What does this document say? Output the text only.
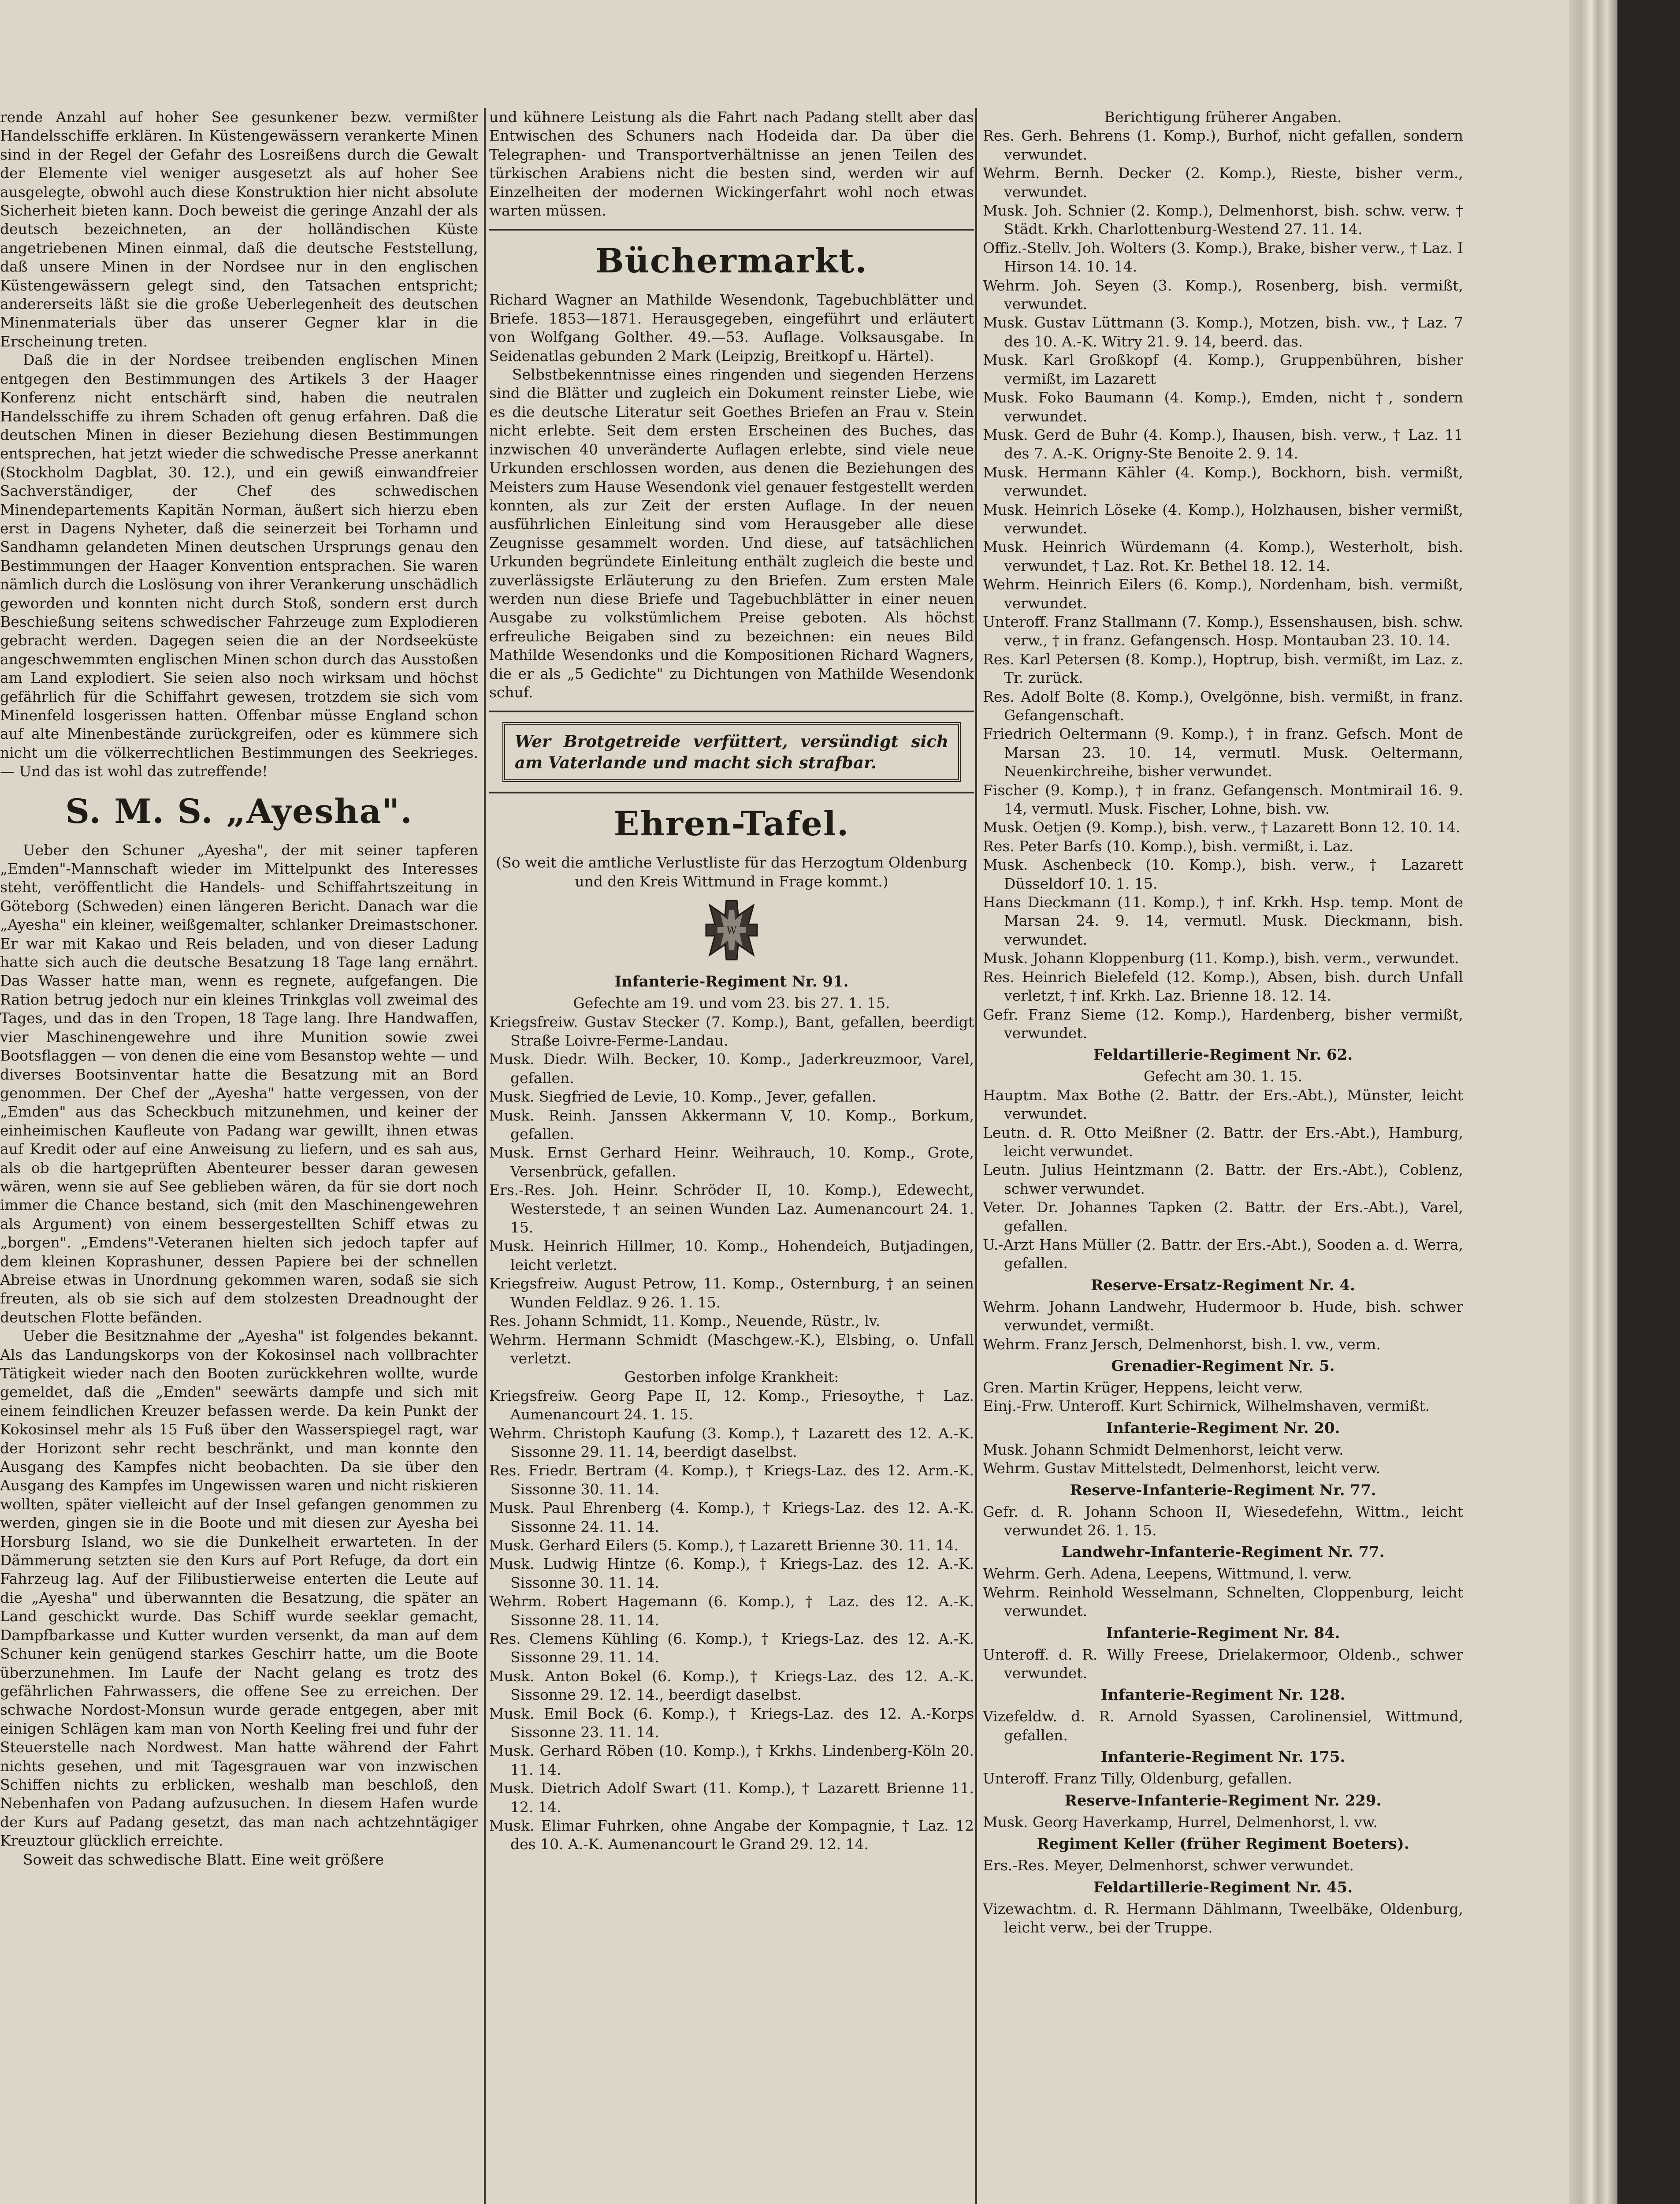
rende Anzahl auf hoher See gesunkener bezw. vermißter Handelsschiffe erklären. In Küstengewässern verankerte Minen sind in der Regel der Gefahr des Losreißens durch die Gewalt der Elemente viel weniger ausgesetzt als auf hoher See ausgelegte, obwohl auch diese Konstruktion hier nicht absolute Sicherheit bieten kann. Doch beweist die geringe Anzahl der als deutsch bezeichneten, an der holländischen Küste angetriebenen Minen einmal, daß die deutsche Feststellung, daß unsere Minen in der Nordsee nur in den englischen Küstengewässern gelegt sind, den Tatsachen entspricht; andererseits läßt sie die große Ueberlegenheit des deutschen Minenmaterials über das unserer Gegner klar in die Erscheinung treten.

Daß die in der Nordsee treibenden englischen Minen entgegen den Bestimmungen des Artikels 3 der Haager Konferenz nicht entschärft sind, haben die neutralen Handelsschiffe zu ihrem Schaden oft genug erfahren. Daß die deutschen Minen in dieser Beziehung diesen Bestimmungen entsprechen, hat jetzt wieder die schwedische Presse anerkannt (Stockholm Dagblat, 30. 12.), und ein gewiß einwandfreier Sachverständiger, der Chef des schwedischen Minendepartements Kapitän Norman, äußert sich hierzu eben erst in Dagens Nyheter, daß die seinerzeit bei Torhamn und Sandhamn gelandeten Minen deutschen Ursprungs genau den Bestimmungen der Haager Konvention entsprachen. Sie waren nämlich durch die Loslösung von ihrer Verankerung unschädlich geworden und konnten nicht durch Stoß, sondern erst durch Beschießung seitens schwedischer Fahrzeuge zum Explodieren gebracht werden. Dagegen seien die an der Nordseeküste angeschwemmten englischen Minen schon durch das Ausstoßen am Land explodiert. Sie seien also noch wirksam und höchst gefährlich für die Schiffahrt gewesen, trotzdem sie sich vom Minenfeld losgerissen hatten. Offenbar müsse England schon auf alte Minenbestände zurückgreifen, oder es kümmere sich nicht um die völkerrechtlichen Bestimmungen des Seekrieges. — Und das ist wohl das zutreffende!

S. M. S. „Ayesha".

Ueber den Schuner „Ayesha", der mit seiner tapferen „Emden"-Mannschaft wieder im Mittelpunkt des Interesses steht, veröffentlicht die Handels- und Schiffahrtszeitung in Göteborg (Schweden) einen längeren Bericht. Danach war die „Ayesha" ein kleiner, weißgemalter, schlanker Dreimastschoner. Er war mit Kakao und Reis beladen, und von dieser Ladung hatte sich auch die deutsche Besatzung 18 Tage lang ernährt. Das Wasser hatte man, wenn es regnete, aufgefangen. Die Ration betrug jedoch nur ein kleines Trinkglas voll zweimal des Tages, und das in den Tropen, 18 Tage lang. Ihre Handwaffen, vier Maschinengewehre und ihre Munition sowie zwei Bootsflaggen — von denen die eine vom Besanstop wehte — und diverses Bootsinventar hatte die Besatzung mit an Bord genommen. Der Chef der „Ayesha" hatte vergessen, von der „Emden" aus das Scheckbuch mitzunehmen, und keiner der einheimischen Kaufleute von Padang war gewillt, ihnen etwas auf Kredit oder auf eine Anweisung zu liefern, und es sah aus, als ob die hartgeprüften Abenteurer besser daran gewesen wären, wenn sie auf See geblieben wären, da für sie dort noch immer die Chance bestand, sich (mit den Maschinengewehren als Argument) von einem bessergestellten Schiff etwas zu „borgen". „Emdens"-Veteranen hielten sich jedoch tapfer auf dem kleinen Koprashuner, dessen Papiere bei der schnellen Abreise etwas in Unordnung gekommen waren, sodaß sie sich freuten, als ob sie sich auf dem stolzesten Dreadnought der deutschen Flotte befänden.

Ueber die Besitznahme der „Ayesha" ist folgendes bekannt. Als das Landungskorps von der Kokosinsel nach vollbrachter Tätigkeit wieder nach den Booten zurückkehren wollte, wurde gemeldet, daß die „Emden" seewärts dampfe und sich mit einem feindlichen Kreuzer befassen werde. Da kein Punkt der Kokosinsel mehr als 15 Fuß über den Wasserspiegel ragt, war der Horizont sehr recht beschränkt, und man konnte den Ausgang des Kampfes nicht beobachten. Da sie über den Ausgang des Kampfes im Ungewissen waren und nicht riskieren wollten, später vielleicht auf der Insel gefangen genommen zu werden, gingen sie in die Boote und mit diesen zur Ayesha bei Horsburg Island, wo sie die Dunkelheit erwarteten. In der Dämmerung setzten sie den Kurs auf Port Refuge, da dort ein Fahrzeug lag. Auf der Filibustierweise enterten die Leute auf die „Ayesha" und überwannten die Besatzung, die später an Land geschickt wurde. Das Schiff wurde seeklar gemacht, Dampfbarkasse und Kutter wurden versenkt, da man auf dem Schuner kein genügend starkes Geschirr hatte, um die Boote überzunehmen. Im Laufe der Nacht gelang es trotz des gefährlichen Fahrwassers, die offene See zu erreichen. Der schwache Nordost-Monsun wurde gerade entgegen, aber mit einigen Schlägen kam man von North Keeling frei und fuhr der Steuerstelle nach Nordwest. Man hatte während der Fahrt nichts gesehen, und mit Tagesgrauen war von inzwischen Schiffen nichts zu erblicken, weshalb man beschloß, den Nebenhafen von Padang aufzusuchen. In diesem Hafen wurde der Kurs auf Padang gesetzt, das man nach achtzehntägiger Kreuztour glücklich erreichte.

Soweit das schwedische Blatt. Eine weit größere

und kühnere Leistung als die Fahrt nach Padang stellt aber das Entwischen des Schuners nach Hodeida dar. Da über die Telegraphen- und Transportverhältnisse an jenen Teilen des türkischen Arabiens nicht die besten sind, werden wir auf Einzelheiten der modernen Wickingerfahrt wohl noch etwas warten müssen.

Büchermarkt.

Richard Wagner an Mathilde Wesendonk, Tagebuchblätter und Briefe. 1853—1871. Herausgegeben, eingeführt und erläutert von Wolfgang Golther. 49.—53. Auflage. Volksausgabe. In Seidenatlas gebunden 2 Mark (Leipzig, Breitkopf u. Härtel).

Selbstbekenntnisse eines ringenden und siegenden Herzens sind die Blätter und zugleich ein Dokument reinster Liebe, wie es die deutsche Literatur seit Goethes Briefen an Frau v. Stein nicht erlebte. Seit dem ersten Erscheinen des Buches, das inzwischen 40 unveränderte Auflagen erlebte, sind viele neue Urkunden erschlossen worden, aus denen die Beziehungen des Meisters zum Hause Wesendonk viel genauer festgestellt werden konnten, als zur Zeit der ersten Auflage. In der neuen ausführlichen Einleitung sind vom Herausgeber alle diese Zeugnisse gesammelt worden. Und diese, auf tatsächlichen Urkunden begründete Einleitung enthält zugleich die beste und zuverlässigste Erläuterung zu den Briefen. Zum ersten Male werden nun diese Briefe und Tagebuchblätter in einer neuen Ausgabe zu volkstümlichem Preise geboten. Als höchst erfreuliche Beigaben sind zu bezeichnen: ein neues Bild Mathilde Wesendonks und die Kompositionen Richard Wagners, die er als „5 Gedichte" zu Dichtungen von Mathilde Wesendonk schuf.

Wer Brotgetreide verfüttert, versündigt sich am Vaterlande und macht sich strafbar.
Ehren-Tafel.

(So weit die amtliche Verlustliste für das Herzogtum Oldenburg und den Kreis Wittmund in Frage kommt.)

W
Infanterie-Regiment Nr. 91.

Gefechte am 19. und vom 23. bis 27. 1. 15.

Kriegsfreiw. Gustav Stecker (7. Komp.), Bant, gefallen, beerdigt Straße Loivre-Ferme-Landau.

Musk. Diedr. Wilh. Becker, 10. Komp., Jaderkreuzmoor, Varel, gefallen.

Musk. Siegfried de Levie, 10. Komp., Jever, gefallen.

Musk. Reinh. Janssen Akkermann V, 10. Komp., Borkum, gefallen.

Musk. Ernst Gerhard Heinr. Weihrauch, 10. Komp., Grote, Versenbrück, gefallen.

Ers.-Res. Joh. Heinr. Schröder II, 10. Komp.), Edewecht, Westerstede, † an seinen Wunden Laz. Aumenancourt 24. 1. 15.

Musk. Heinrich Hillmer, 10. Komp., Hohendeich, Butjadingen, leicht verletzt.

Kriegsfreiw. August Petrow, 11. Komp., Osternburg, † an seinen Wunden Feldlaz. 9 26. 1. 15.

Res. Johann Schmidt, 11. Komp., Neuende, Rüstr., lv.

Wehrm. Hermann Schmidt (Maschgew.-K.), Elsbing, o. Unfall verletzt.

Gestorben infolge Krankheit:

Kriegsfreiw. Georg Pape II, 12. Komp., Friesoythe, † Laz. Aumenancourt 24. 1. 15.

Wehrm. Christoph Kaufung (3. Komp.), † Lazarett des 12. A.-K. Sissonne 29. 11. 14, beerdigt daselbst.

Res. Friedr. Bertram (4. Komp.), † Kriegs-Laz. des 12. Arm.-K. Sissonne 30. 11. 14.

Musk. Paul Ehrenberg (4. Komp.), † Kriegs-Laz. des 12. A.-K. Sissonne 24. 11. 14.

Musk. Gerhard Eilers (5. Komp.), † Lazarett Brienne 30. 11. 14.

Musk. Ludwig Hintze (6. Komp.), † Kriegs-Laz. des 12. A.-K. Sissonne 30. 11. 14.

Wehrm. Robert Hagemann (6. Komp.), † Laz. des 12. A.-K. Sissonne 28. 11. 14.

Res. Clemens Kühling (6. Komp.), † Kriegs-Laz. des 12. A.-K. Sissonne 29. 11. 14.

Musk. Anton Bokel (6. Komp.), † Kriegs-Laz. des 12. A.-K. Sissonne 29. 12. 14., beerdigt daselbst.

Musk. Emil Bock (6. Komp.), † Kriegs-Laz. des 12. A.-Korps Sissonne 23. 11. 14.

Musk. Gerhard Röben (10. Komp.), † Krkhs. Lindenberg-Köln 20. 11. 14.

Musk. Dietrich Adolf Swart (11. Komp.), † Lazarett Brienne 11. 12. 14.

Musk. Elimar Fuhrken, ohne Angabe der Kompagnie, † Laz. 12 des 10. A.-K. Aumenancourt le Grand 29. 12. 14.

Berichtigung früherer Angaben.

Res. Gerh. Behrens (1. Komp.), Burhof, nicht gefallen, sondern verwundet.

Wehrm. Bernh. Decker (2. Komp.), Rieste, bisher verm., verwundet.

Musk. Joh. Schnier (2. Komp.), Delmenhorst, bish. schw. verw. † Städt. Krkh. Charlottenburg-Westend 27. 11. 14.

Offiz.-Stellv. Joh. Wolters (3. Komp.), Brake, bisher verw., † Laz. I Hirson 14. 10. 14.

Wehrm. Joh. Seyen (3. Komp.), Rosenberg, bish. vermißt, verwundet.

Musk. Gustav Lüttmann (3. Komp.), Motzen, bish. vw., † Laz. 7 des 10. A.-K. Witry 21. 9. 14, beerd. das.

Musk. Karl Großkopf (4. Komp.), Gruppenbühren, bisher vermißt, im Lazarett

Musk. Foko Baumann (4. Komp.), Emden, nicht †, sondern verwundet.

Musk. Gerd de Buhr (4. Komp.), Ihausen, bish. verw., † Laz. 11 des 7. A.-K. Origny-Ste Benoite 2. 9. 14.

Musk. Hermann Kähler (4. Komp.), Bockhorn, bish. vermißt, verwundet.

Musk. Heinrich Löseke (4. Komp.), Holzhausen, bisher vermißt, verwundet.

Musk. Heinrich Würdemann (4. Komp.), Westerholt, bish. verwundet, † Laz. Rot. Kr. Bethel 18. 12. 14.

Wehrm. Heinrich Eilers (6. Komp.), Nordenham, bish. vermißt, verwundet.

Unteroff. Franz Stallmann (7. Komp.), Essenshausen, bish. schw. verw., † in franz. Gefangensch. Hosp. Montauban 23. 10. 14.

Res. Karl Petersen (8. Komp.), Hoptrup, bish. vermißt, im Laz. z. Tr. zurück.

Res. Adolf Bolte (8. Komp.), Ovelgönne, bish. vermißt, in franz. Gefangenschaft.

Friedrich Oeltermann (9. Komp.), † in franz. Gefsch. Mont de Marsan 23. 10. 14, vermutl. Musk. Oeltermann, Neuenkirchreihe, bisher verwundet.

Fischer (9. Komp.), † in franz. Gefangensch. Montmirail 16. 9. 14, vermutl. Musk. Fischer, Lohne, bish. vw.

Musk. Oetjen (9. Komp.), bish. verw., † Lazarett Bonn 12. 10. 14.

Res. Peter Barfs (10. Komp.), bish. vermißt, i. Laz.

Musk. Aschenbeck (10. Komp.), bish. verw., † Lazarett Düsseldorf 10. 1. 15.

Hans Dieckmann (11. Komp.), † inf. Krkh. Hsp. temp. Mont de Marsan 24. 9. 14, vermutl. Musk. Dieckmann, bish. verwundet.

Musk. Johann Kloppenburg (11. Komp.), bish. verm., verwundet.

Res. Heinrich Bielefeld (12. Komp.), Absen, bish. durch Unfall verletzt, † inf. Krkh. Laz. Brienne 18. 12. 14.

Gefr. Franz Sieme (12. Komp.), Hardenberg, bisher vermißt, verwundet.

Feldartillerie-Regiment Nr. 62.

Gefecht am 30. 1. 15.

Hauptm. Max Bothe (2. Battr. der Ers.-Abt.), Münster, leicht verwundet.

Leutn. d. R. Otto Meißner (2. Battr. der Ers.-Abt.), Hamburg, leicht verwundet.

Leutn. Julius Heintzmann (2. Battr. der Ers.-Abt.), Coblenz, schwer verwundet.

Veter. Dr. Johannes Tapken (2. Battr. der Ers.-Abt.), Varel, gefallen.

U.-Arzt Hans Müller (2. Battr. der Ers.-Abt.), Sooden a. d. Werra, gefallen.

Reserve-Ersatz-Regiment Nr. 4.

Wehrm. Johann Landwehr, Hudermoor b. Hude, bish. schwer verwundet, vermißt.

Wehrm. Franz Jersch, Delmenhorst, bish. l. vw., verm.

Grenadier-Regiment Nr. 5.

Gren. Martin Krüger, Heppens, leicht verw.

Einj.-Frw. Unteroff. Kurt Schirnick, Wilhelmshaven, vermißt.

Infanterie-Regiment Nr. 20.

Musk. Johann Schmidt Delmenhorst, leicht verw.

Wehrm. Gustav Mittelstedt, Delmenhorst, leicht verw.

Reserve-Infanterie-Regiment Nr. 77.

Gefr. d. R. Johann Schoon II, Wiesedefehn, Wittm., leicht verwundet 26. 1. 15.

Landwehr-Infanterie-Regiment Nr. 77.

Wehrm. Gerh. Adena, Leepens, Wittmund, l. verw.

Wehrm. Reinhold Wesselmann, Schnelten, Cloppenburg, leicht verwundet.

Infanterie-Regiment Nr. 84.

Unteroff. d. R. Willy Freese, Drielakermoor, Oldenb., schwer verwundet.

Infanterie-Regiment Nr. 128.

Vizefeldw. d. R. Arnold Syassen, Carolinensiel, Wittmund, gefallen.

Infanterie-Regiment Nr. 175.

Unteroff. Franz Tilly, Oldenburg, gefallen.

Reserve-Infanterie-Regiment Nr. 229.

Musk. Georg Haverkamp, Hurrel, Delmenhorst, l. vw.

Regiment Keller (früher Regiment Boeters).

Ers.-Res. Meyer, Delmenhorst, schwer verwundet.

Feldartillerie-Regiment Nr. 45.

Vizewachtm. d. R. Hermann Dählmann, Tweelbäke, Oldenburg, leicht verw., bei der Truppe.
